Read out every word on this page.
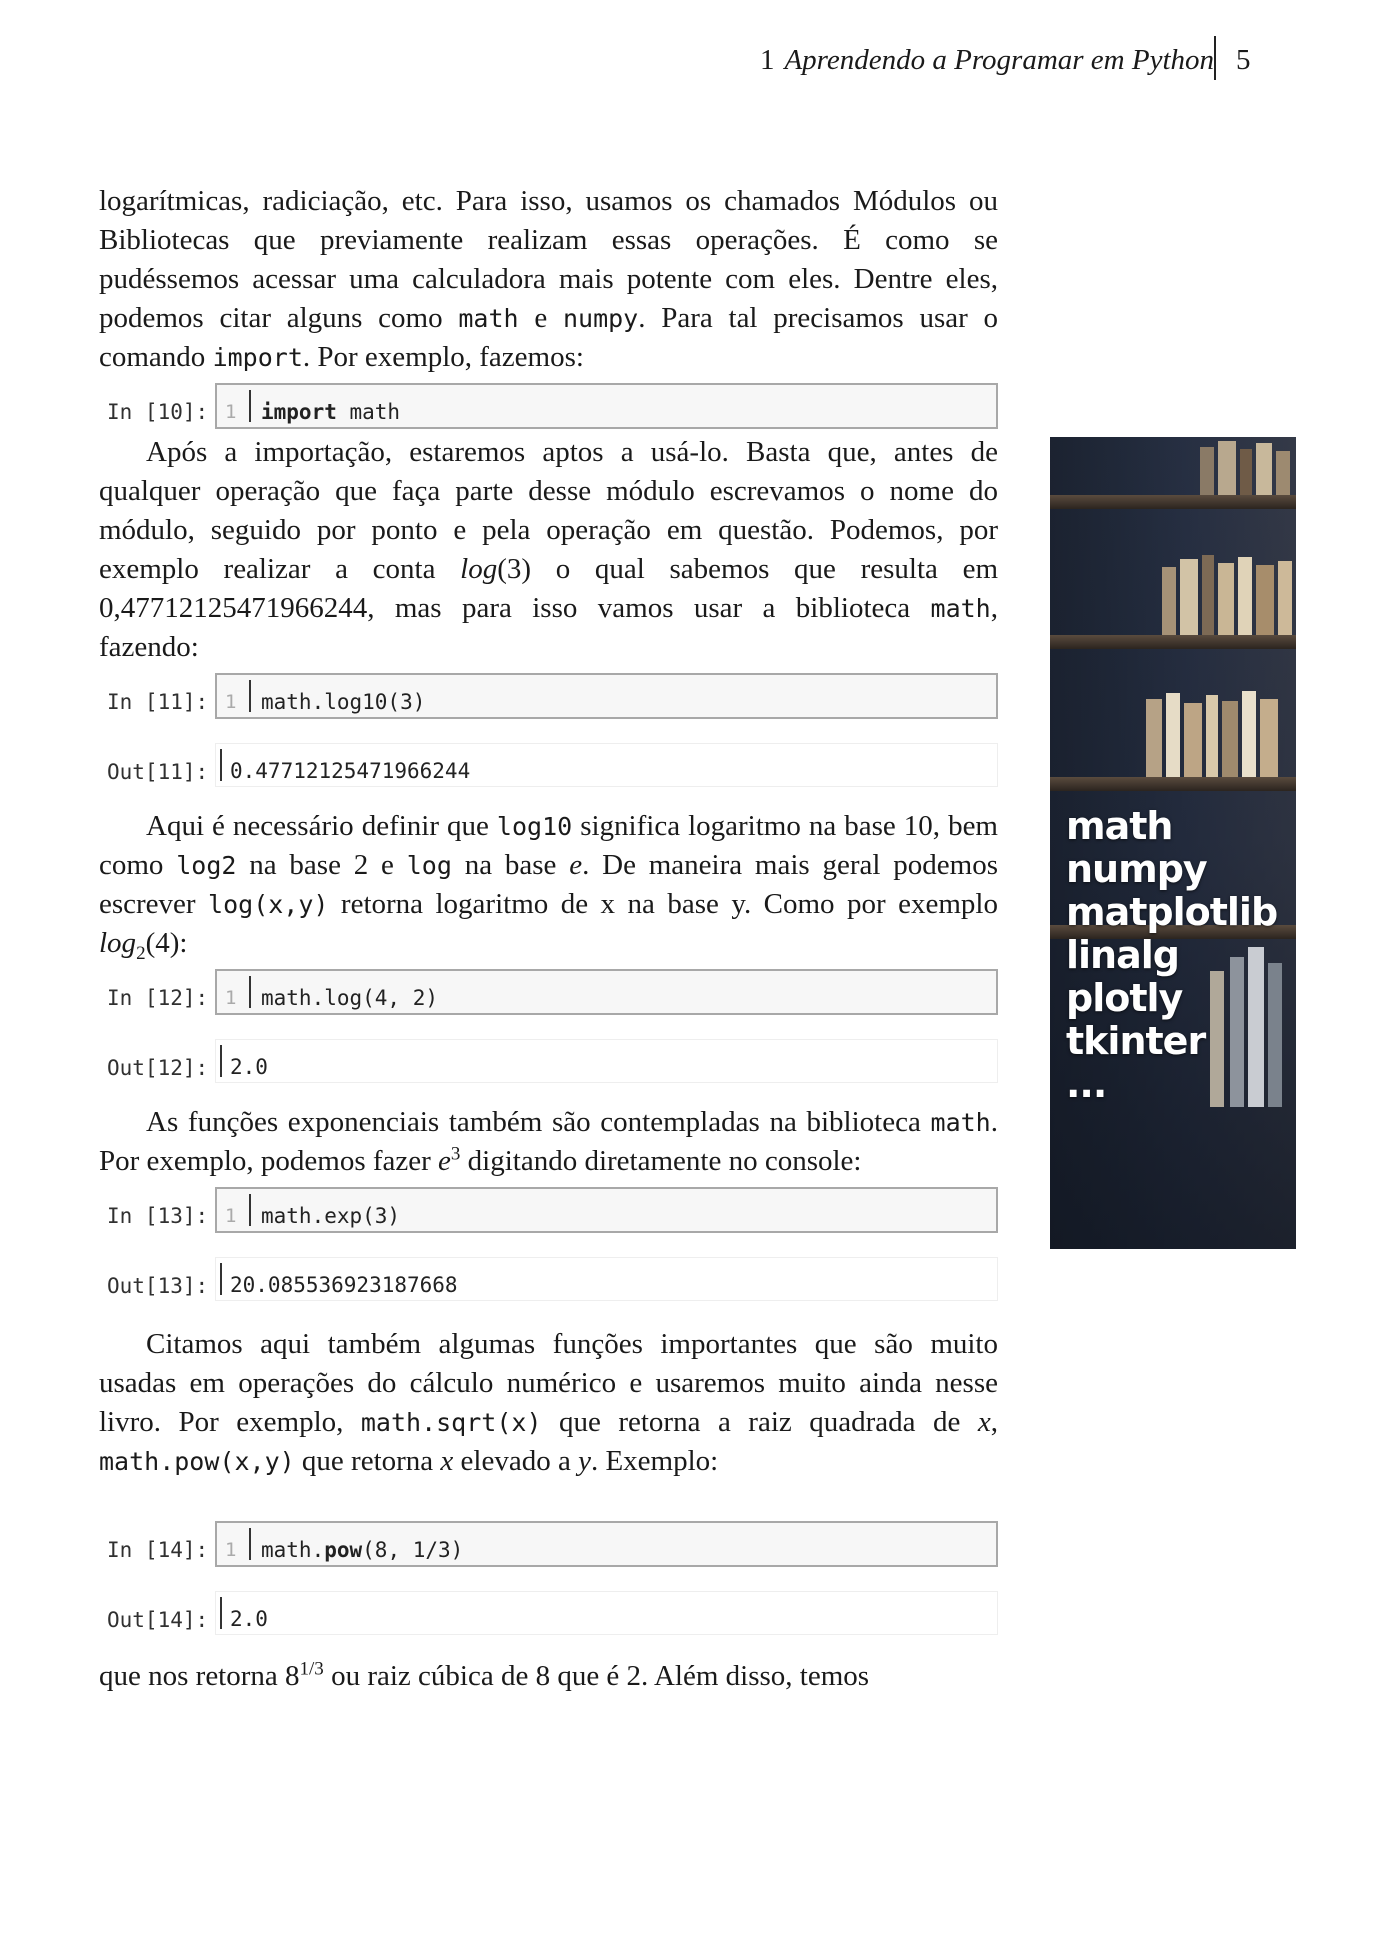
1 Aprendendo a Programar em Python 5

logarítmicas, radiciação, etc. Para isso, usamos os chamados Módulos ou Bibliotecas que previamente realizam essas operações. É como se pudéssemos acessar uma calculadora mais potente com eles. Dentre eles, podemos citar alguns como math e numpy. Para tal precisamos usar o comando import. Por exemplo, fazemos:

In [10]: 1 import math

Após a importação, estaremos aptos a usá-lo. Basta que, antes de qualquer operação que faça parte desse módulo escrevamos o nome do módulo, seguido por ponto e pela operação em questão. Podemos, por exemplo realizar a conta log(3) o qual sabemos que resulta em 0,47712125471966244, mas para isso vamos usar a biblioteca math, fazendo:

In [11]: 1 math.log10(3)
Out[11]: 0.47712125471966244

Aqui é necessário definir que log10 significa logaritmo na base 10, bem como log2 na base 2 e log na base e. De maneira mais geral podemos escrever log(x,y) retorna logaritmo de x na base y. Como por exemplo $\log_2(4)$:

In [12]: 1 math.log(4, 2)
Out[12]: 2.0

As funções exponenciais também são contempladas na biblioteca math. Por exemplo, podemos fazer $e^3$ digitando diretamente no console:

In [13]: 1 math.exp(3)
Out[13]: 20.085536923187668

Citamos aqui também algumas funções importantes que são muito usadas em operações do cálculo numérico e usaremos muito ainda nesse livro. Por exemplo, math.sqrt(x) que retorna a raiz quadrada de x, math.pow(x,y) que retorna x elevado a y. Exemplo:

In [14]: 1 math.pow(8, 1/3)
Out[14]: 2.0

que nos retorna $8^{1/3}$ ou raiz cúbica de 8 que é 2. Além disso, temos

math
numpy
matplotlib
linalg
plotly
tkinter
...
